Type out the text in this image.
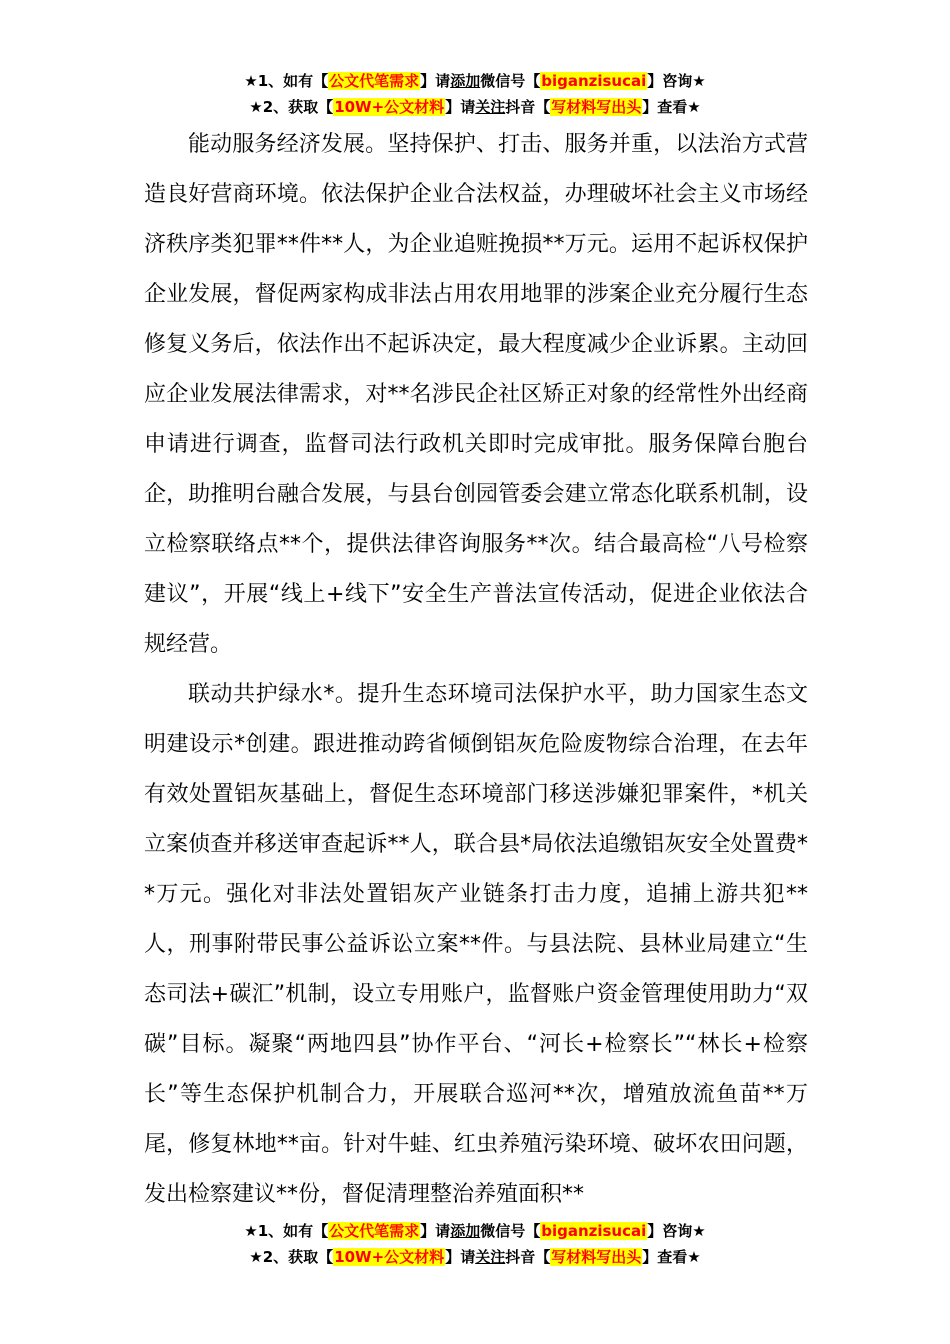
★1、如有【公文代笔需求】请添加微信号【biganzisucai】咨询★
★2、获取【10W+公文材料】请关注抖音【写材料写出头】查看★

能动服务经济发展。坚持保护、打击、服务并重，以法治方式营造良好营商环境。依法保护企业合法权益，办理破坏社会主义市场经济秩序类犯罪**件**人，为企业追赃挽损**万元。运用不起诉权保护企业发展，督促两家构成非法占用农用地罪的涉案企业充分履行生态修复义务后，依法作出不起诉决定，最大程度减少企业诉累。主动回应企业发展法律需求，对**名涉民企社区矫正对象的经常性外出经商申请进行调查，监督司法行政机关即时完成审批。服务保障台胞台企，助推明台融合发展，与县台创园管委会建立常态化联系机制，设立检察联络点**个，提供法律咨询服务**次。结合最高检“八号检察建议”，开展“线上+线下”安全生产普法宣传活动，促进企业依法合规经营。

联动共护绿水*。提升生态环境司法保护水平，助力国家生态文明建设示*创建。跟进推动跨省倾倒铝灰危险废物综合治理，在去年有效处置铝灰基础上，督促生态环境部门移送涉嫌犯罪案件，*机关立案侦查并移送审查起诉**人，联合县*局依法追缴铝灰安全处置费**万元。强化对非法处置铝灰产业链条打击力度，追捕上游共犯**人，刑事附带民事公益诉讼立案**件。与县法院、县林业局建立“生态司法+碳汇”机制，设立专用账户，监督账户资金管理使用助力“双碳”目标。凝聚“两地四县”协作平台、“河长+检察长”“林长+检察长”等生态保护机制合力，开展联合巡河**次，增殖放流鱼苗**万尾，修复林地**亩。针对牛蛙、红虫养殖污染环境、破坏农田问题，发出检察建议**份，督促清理整治养殖面积**

★1、如有【公文代笔需求】请添加微信号【biganzisucai】咨询★
★2、获取【10W+公文材料】请关注抖音【写材料写出头】查看★
